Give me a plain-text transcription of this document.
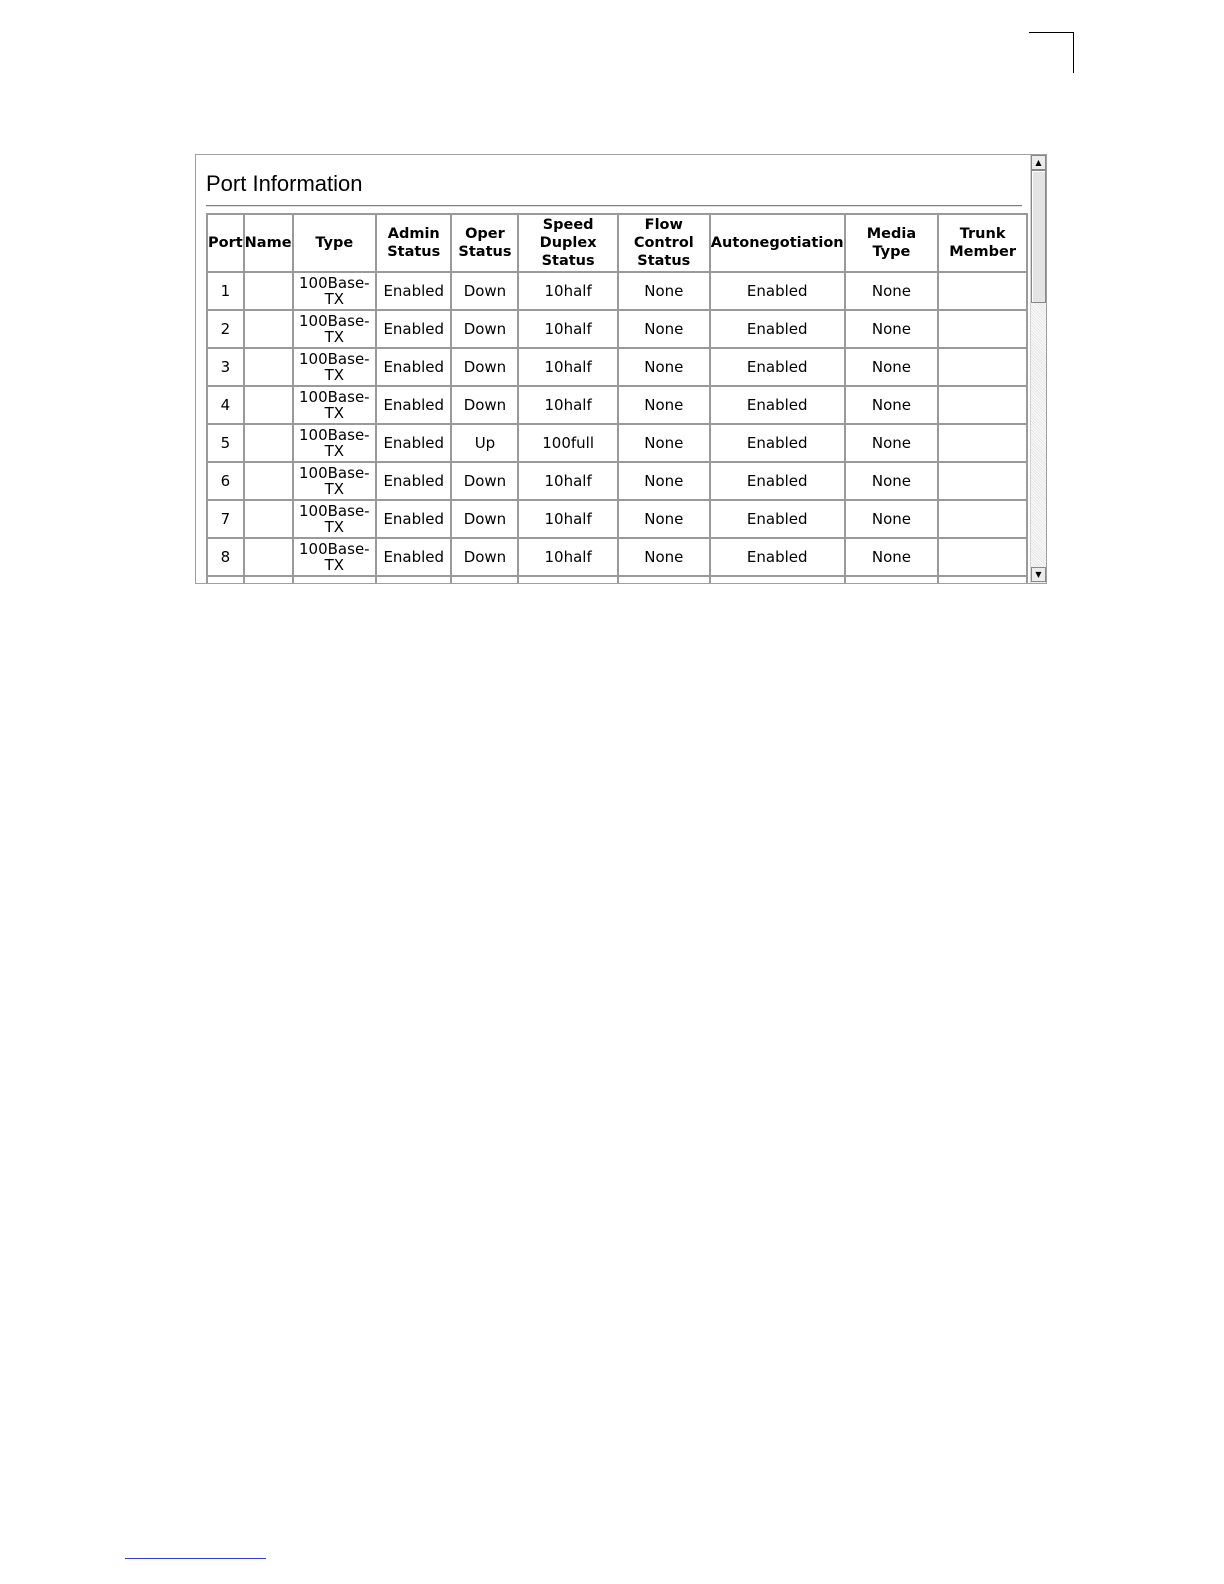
Port Information
Port	Name	Type	Admin Status	Oper Status	Speed Duplex Status	Flow Control Status	Autonegotiation	Media Type	Trunk Member
1		100Base-TX	Enabled	Down	10half	None	Enabled	None	
2		100Base-TX	Enabled	Down	10half	None	Enabled	None	
3		100Base-TX	Enabled	Down	10half	None	Enabled	None	
4		100Base-TX	Enabled	Down	10half	None	Enabled	None	
5		100Base-TX	Enabled	Up	100full	None	Enabled	None	
6		100Base-TX	Enabled	Down	10half	None	Enabled	None	
7		100Base-TX	Enabled	Down	10half	None	Enabled	None	
8		100Base-TX	Enabled	Down	10half	None	Enabled	None	

▲
▼
